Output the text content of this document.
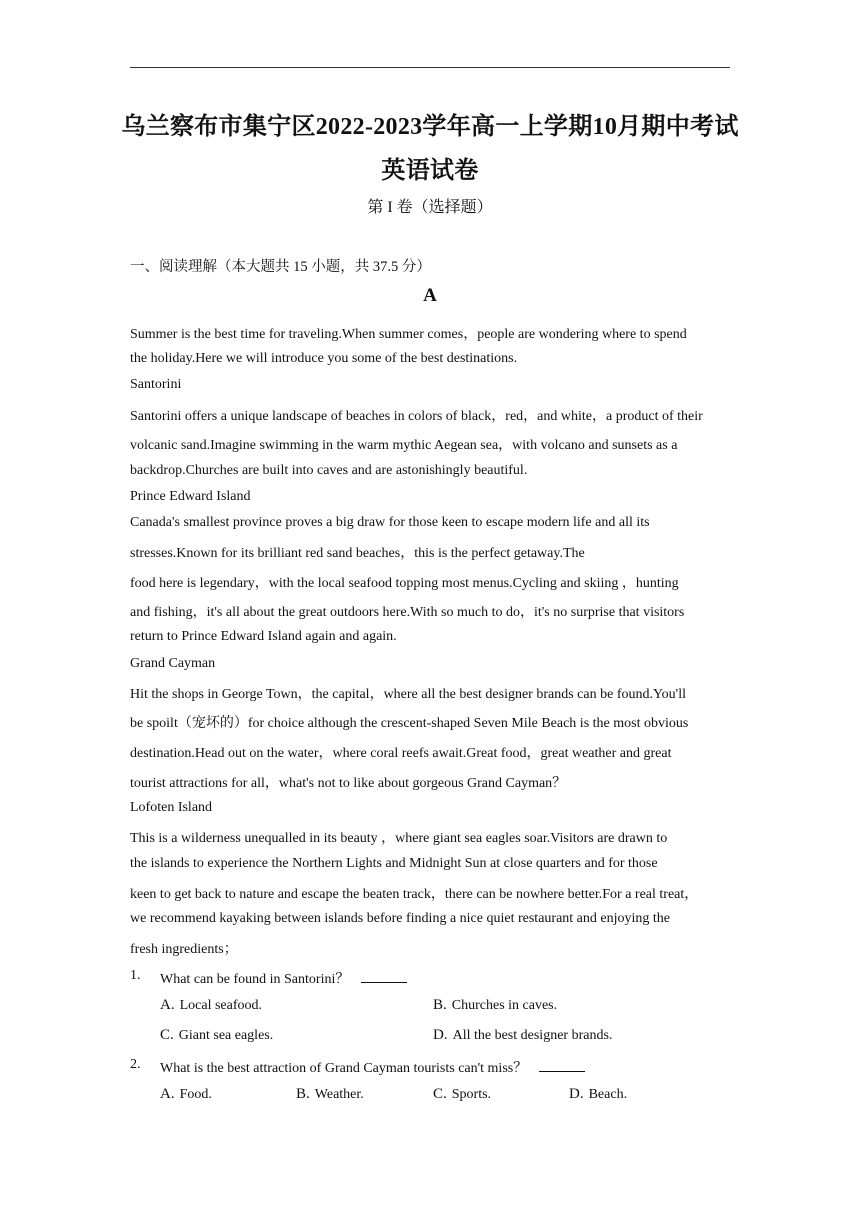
乌兰察布市集宁区2022-2023学年高一上学期10月期中考试
英语试卷
第 I 卷（选择题）
一、阅读理解（本大题共 15 小题，共 37.5 分）
A
Summer is the best time for traveling.When summer comes，people are wondering where to spend
the holiday.Here we will introduce you some of the best destinations.
Santorini
Santorini offers a unique landscape of beaches in colors of black，red，and white，a product of their
volcanic sand.Imagine swimming in the warm mythic Aegean sea，with volcano and sunsets as a
backdrop.Churches are built into caves and are astonishingly beautiful.
Prince Edward Island
Canada's smallest province proves a big draw for those keen to escape modern life and all its
stresses.Known for its brilliant red sand beaches，this is the perfect getaway.The
food here is legendary，with the local seafood topping most menus.Cycling and skiing ，hunting
and fishing，it's all about the great outdoors here.With so much to do，it's no surprise that visitors
return to Prince Edward Island again and again.
Grand Cayman
Hit the shops in George Town，the capital，where all the best designer brands can be found.You'll
be spoilt（宠坏的）for choice although the crescent-shaped Seven Mile Beach is the most obvious
destination.Head out on the water，where coral reefs await.Great food，great weather and great
tourist attractions for all，what's not to like about gorgeous Grand Cayman？
Lofoten Island
This is a wilderness unequalled in its beauty ，where giant sea eagles soar.Visitors are drawn to
the islands to experience the Northern Lights and Midnight Sun at close quarters and for those
keen to get back to nature and escape the beaten track，there can be nowhere better.For a real treat，
we recommend kayaking between islands before finding a nice quiet restaurant and enjoying the
fresh ingredients；
1. What can be found in Santorini？
A. Local seafood.	B. Churches in caves.
C. Giant sea eagles.	D. All the best designer brands.
2. What is the best attraction of Grand Cayman tourists can't miss？
A. Food.	B. Weather.	C. Sports.	D. Beach.
